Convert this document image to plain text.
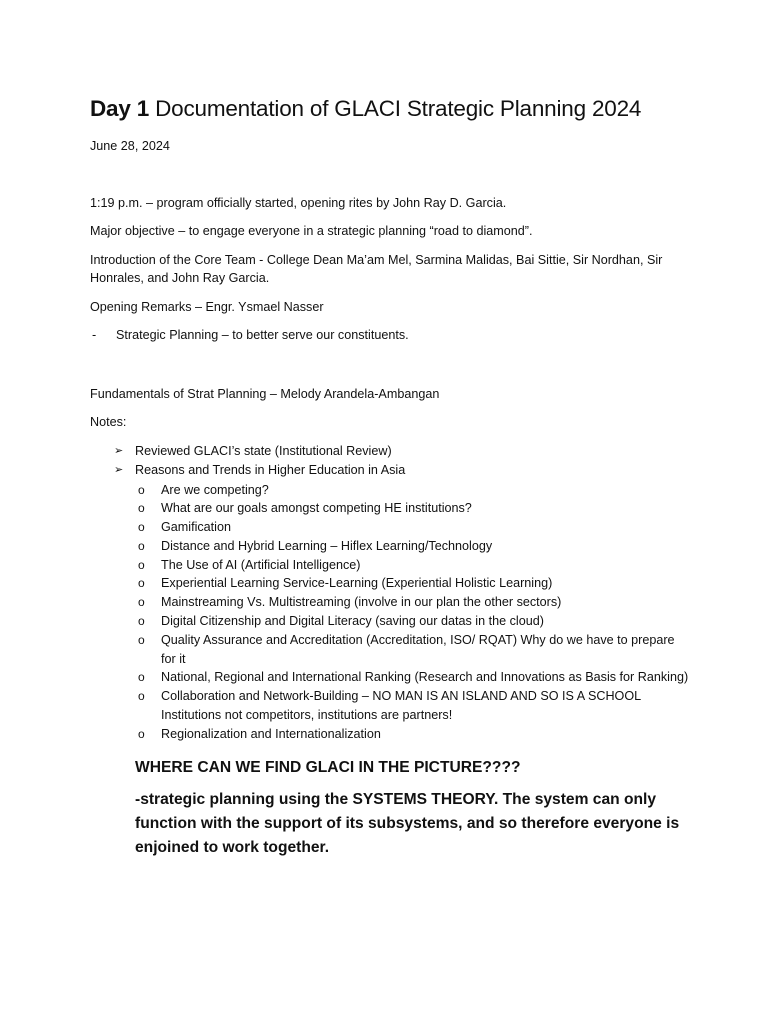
Day 1 Documentation of GLACI Strategic Planning 2024

June 28, 2024

1:19 p.m. – program officially started, opening rites by John Ray D. Garcia.

Major objective – to engage everyone in a strategic planning “road to diamond”.

Introduction of the Core Team - College Dean Ma’am Mel, Sarmina Malidas, Bai Sittie, Sir Nordhan, Sir Honrales, and John Ray Garcia.

Opening Remarks – Engr. Ysmael Nasser

- Strategic Planning – to better serve our constituents.

Fundamentals of Strat Planning – Melody Arandela-Ambangan

Notes:

➢ Reviewed GLACI’s state (Institutional Review)
➢ Reasons and Trends in Higher Education in Asia
o Are we competing?
o What are our goals amongst competing HE institutions?
o Gamification
o Distance and Hybrid Learning – Hiflex Learning/Technology
o The Use of AI (Artificial Intelligence)
o Experiential Learning Service-Learning (Experiential Holistic Learning)
o Mainstreaming Vs. Multistreaming (involve in our plan the other sectors)
o Digital Citizenship and Digital Literacy (saving our datas in the cloud)
o Quality Assurance and Accreditation (Accreditation, ISO/ RQAT) Why do we have to prepare for it
o National, Regional and International Ranking (Research and Innovations as Basis for Ranking)
o Collaboration and Network-Building – NO MAN IS AN ISLAND AND SO IS A SCHOOL Institutions not competitors, institutions are partners!
o Regionalization and Internationalization

WHERE CAN WE FIND GLACI IN THE PICTURE????

-strategic planning using the SYSTEMS THEORY. The system can only function with the support of its subsystems, and so therefore everyone is enjoined to work together.
